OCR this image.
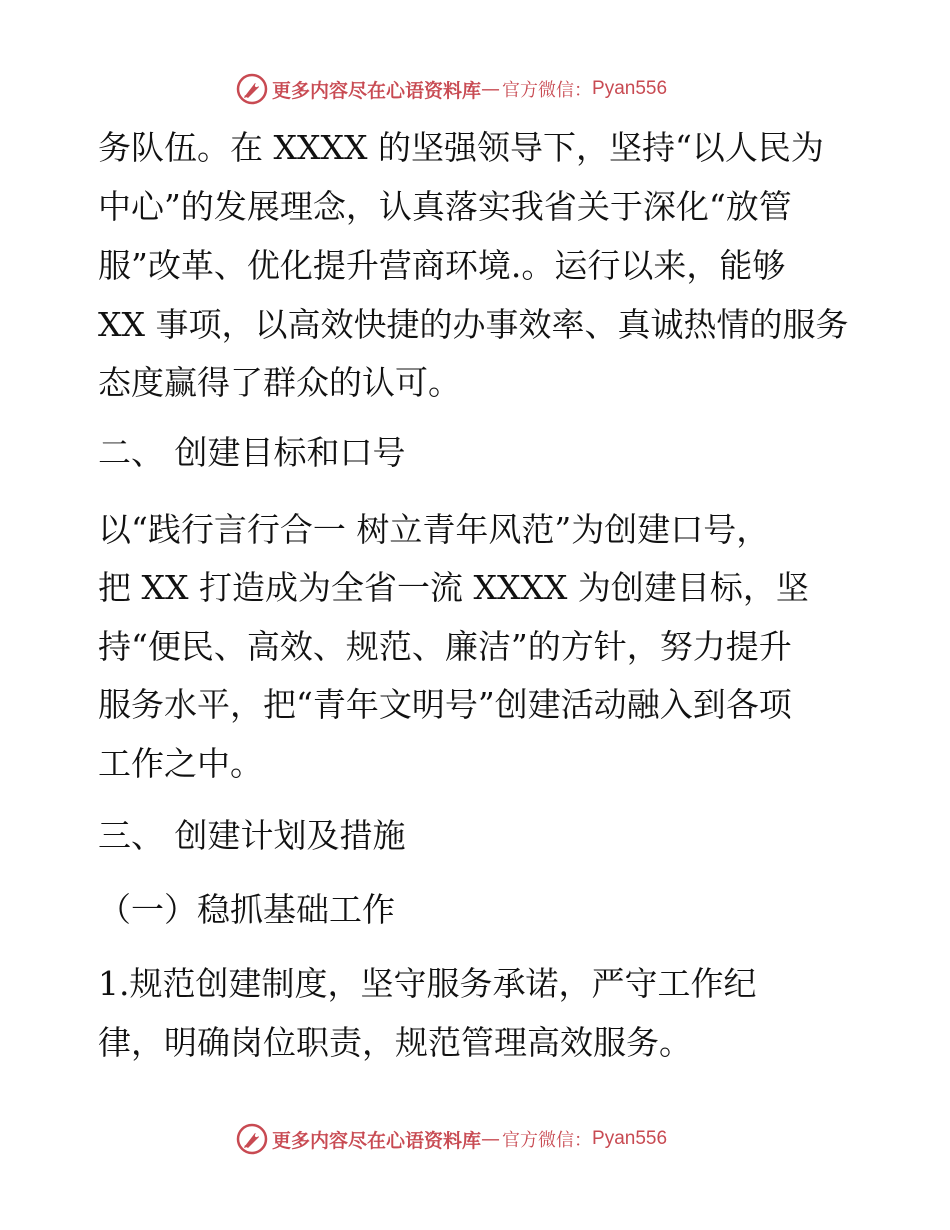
更多内容尽在心语资料库 — 官方微信： Pyan556
务队伍。在 XXXX 的坚强领导下，坚持“以人民为
中心”的发展理念，认真落实我省关于深化“放管
服”改革、优化提升营商环境.。运行以来，能够
XX 事项，以高效快捷的办事效率、真诚热情的服务
态度赢得了群众的认可。
二、 创建目标和口号
以“践行言行合一 树立青年风范”为创建口号，
把 XX 打造成为全省一流 XXXX 为创建目标，坚
持“便民、高效、规范、廉洁”的方针，努力提升
服务水平，把“青年文明号”创建活动融入到各项
工作之中。
三、 创建计划及措施
（一）稳抓基础工作
1.规范创建制度，坚守服务承诺，严守工作纪
律，明确岗位职责，规范管理高效服务。
更多内容尽在心语资料库 — 官方微信： Pyan556
